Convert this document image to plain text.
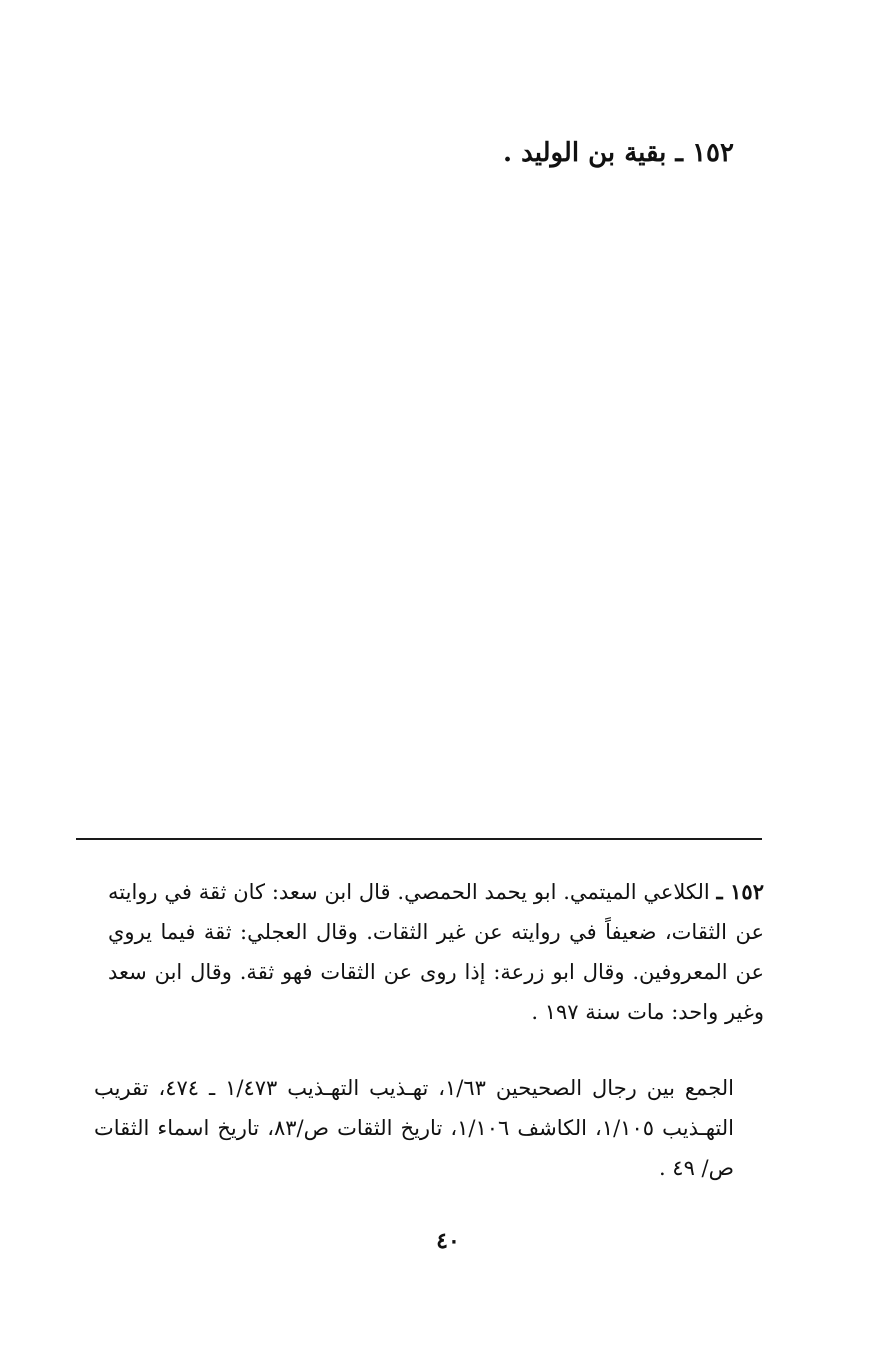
١٥٢ ـ بقية بن الوليد .

١٥٢ ـ الكلاعي الميتمي. ابو يحمد الحمصي. قال ابن سعد: كان ثقة في روايته عن الثقات، ضعيفاً في روايته عن غير الثقات. وقال العجلي: ثقة فيما يروي عن المعروفين. وقال ابو زرعة: إذا روى عن الثقات فهو ثقة. وقال ابن سعد وغير واحد: مات سنة ١٩٧ .

الجمع بين رجال الصحيحين ١/٦٣، تهـذيب التهـذيب ١/٤٧٣ ـ ٤٧٤، تقريب التهـذيب ١/١٠٥، الكاشف ١/١٠٦، تاريخ الثقات ص/٨٣، تاريخ اسماء الثقات ص/ ٤٩ .

٤٠
